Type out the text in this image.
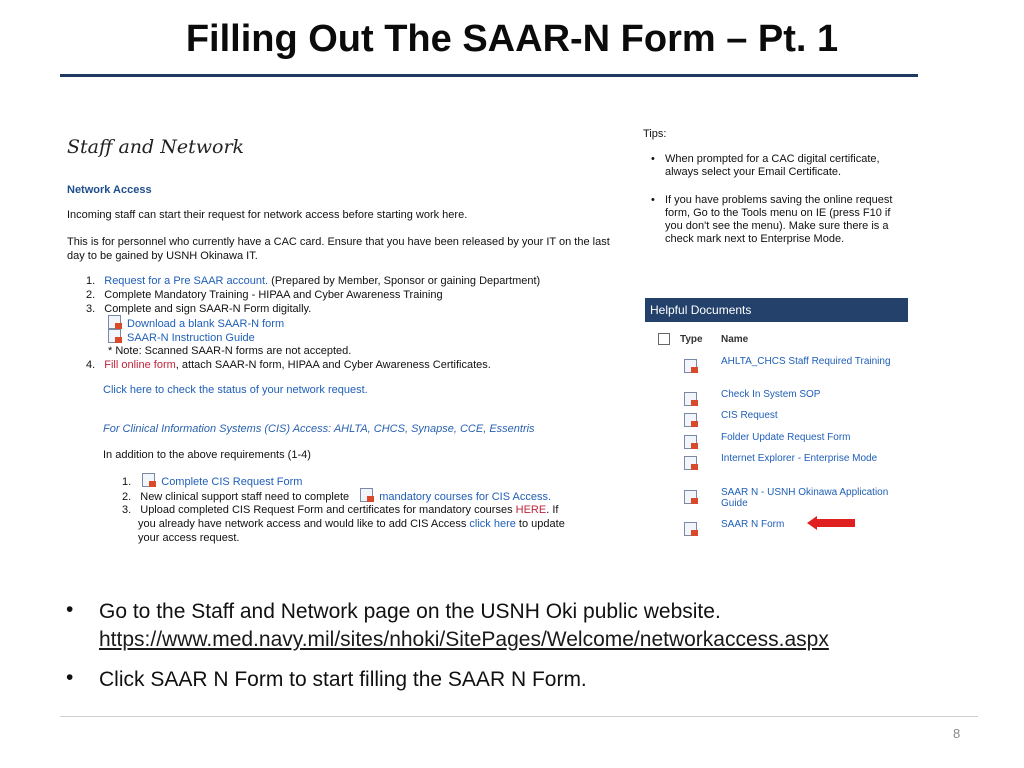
Filling Out The SAAR-N Form – Pt. 1
Staff and Network
Network Access
Incoming staff can start their request for network access before starting work here.
This is for personnel who currently have a CAC card. Ensure that you have been released by your IT on the last
day to be gained by USNH Okinawa IT.
1. Request for a Pre SAAR account. (Prepared by Member, Sponsor or gaining Department)
2. Complete Mandatory Training - HIPAA and Cyber Awareness Training
3. Complete and sign SAAR-N Form digitally.
Download a blank SAAR-N form
SAAR-N Instruction Guide
* Note: Scanned SAAR-N forms are not accepted.
4. Fill online form, attach SAAR-N form, HIPAA and Cyber Awareness Certificates.
Click here to check the status of your network request.
For Clinical Information Systems (CIS) Access: AHLTA, CHCS, Synapse, CCE, Essentris
In addition to the above requirements (1-4)
1.	Complete CIS Request Form
2. New clinical support staff need to complete	mandatory courses for CIS Access.
3. Upload completed CIS Request Form and certificates for mandatory courses HERE. If
you already have network access and would like to add CIS Access click here to update
your access request.
Tips:
• When prompted for a CAC digital certificate, always select your Email Certificate.
• If you have problems saving the online request form, Go to the Tools menu on IE (press F10 if you don't see the menu). Make sure there is a check mark next to Enterprise Mode.
Helpful Documents
Type Name
AHLTA_CHCS Staff Required Training
Check In System SOP
CIS Request
Folder Update Request Form
Internet Explorer - Enterprise Mode
SAAR N - USNH Okinawa Application Guide
SAAR N Form
• Go to the Staff and Network page on the USNH Oki public website.
https://www.med.navy.mil/sites/nhoki/SitePages/Welcome/networkaccess.aspx
• Click SAAR N Form to start filling the SAAR N Form.
8
